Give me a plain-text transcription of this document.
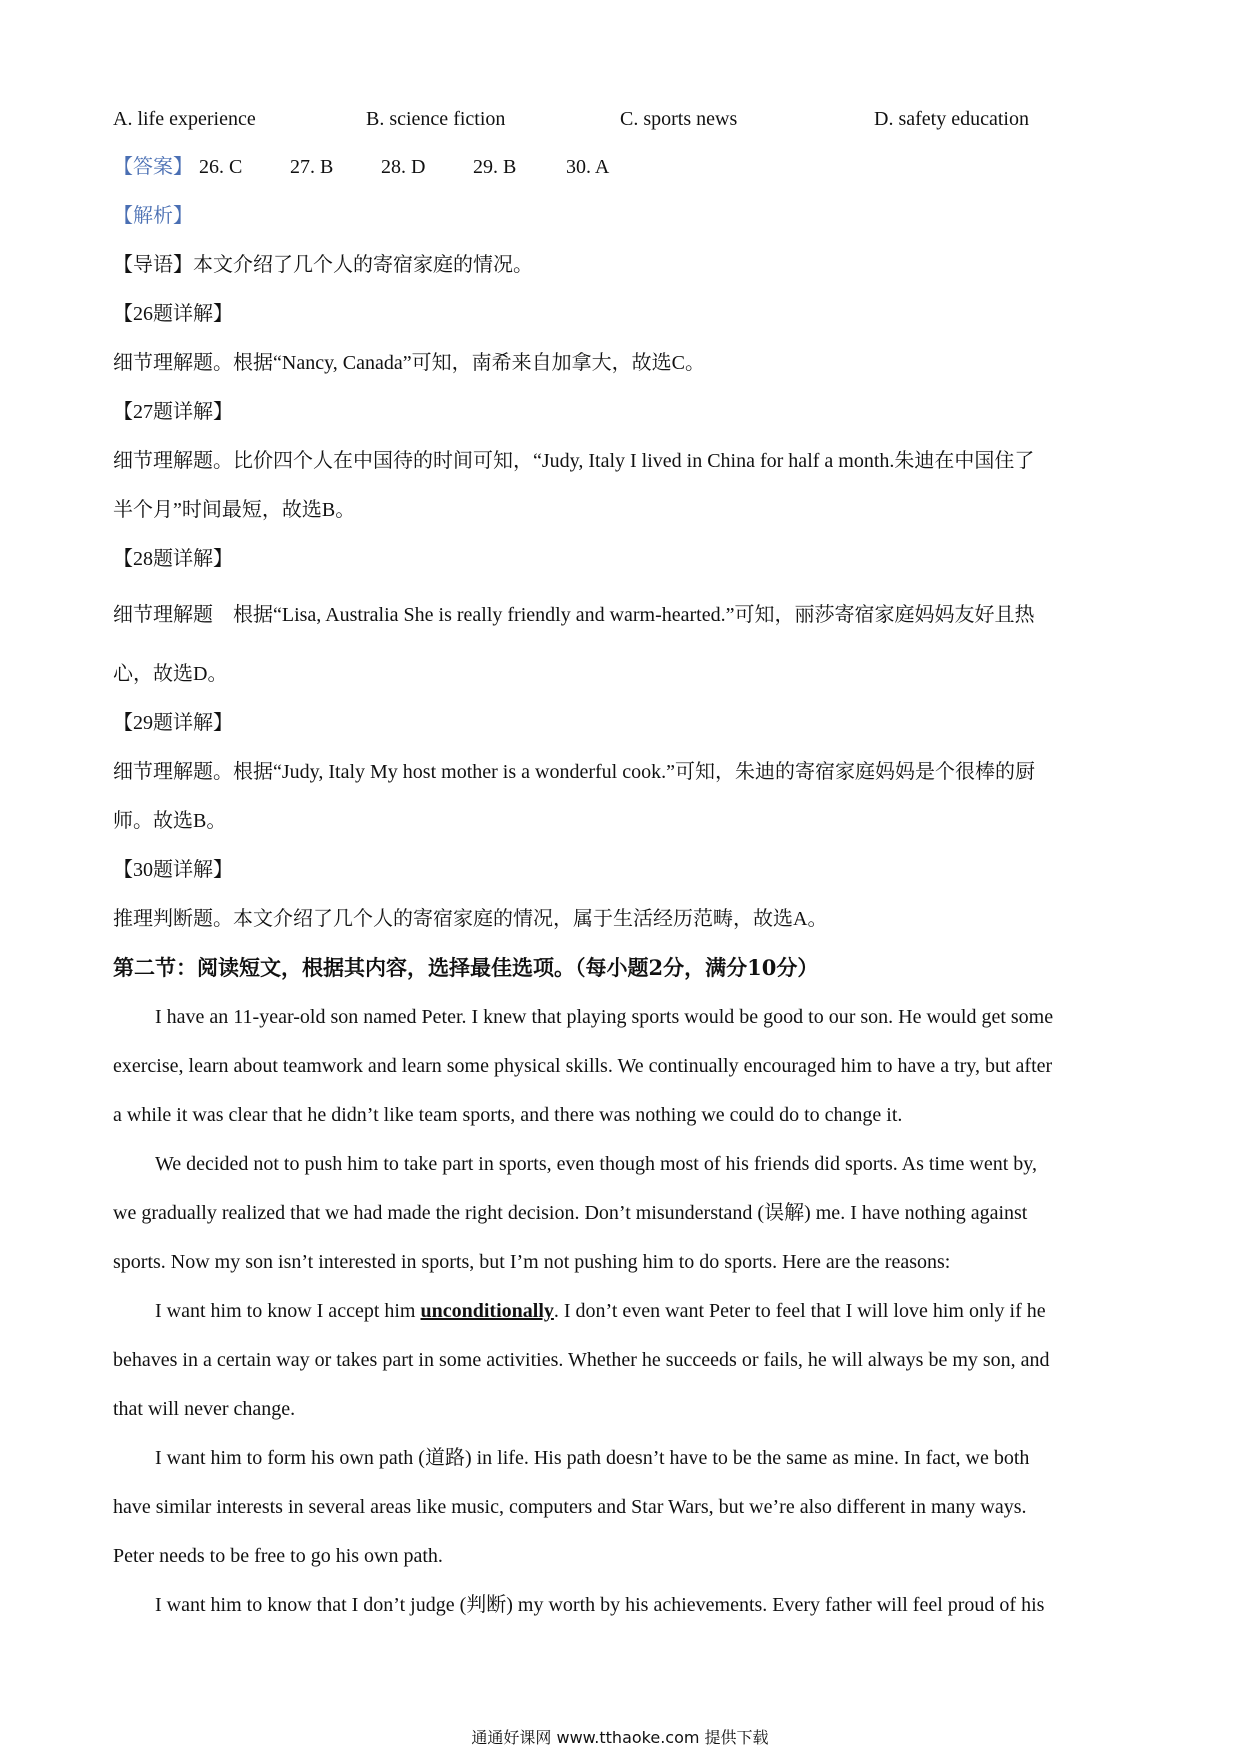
A. life experience	B. science fiction	C. sports news	D. safety education
【答案】 26. C 27. B 28. D 29. B 30. A
【解析】
【导语】本文介绍了几个人的寄宿家庭的情况。
【26题详解】
细节理解题。根据“Nancy, Canada”可知，南希来自加拿大，故选C。
【27题详解】
细节理解题。比价四个人在中国待的时间可知，“Judy, Italy I lived in China for half a month.朱迪在中国住了
半个月”时间最短，故选B。
【28题详解】
细节理解题　根据“Lisa, Australia She is really friendly and warm-hearted.”可知，丽莎寄宿家庭妈妈友好且热
心，故选D。
【29题详解】
细节理解题。根据“Judy, Italy My host mother is a wonderful cook.”可知，朱迪的寄宿家庭妈妈是个很棒的厨
师。故选B。
【30题详解】
推理判断题。本文介绍了几个人的寄宿家庭的情况，属于生活经历范畴，故选A。
第二节：阅读短文，根据其内容，选择最佳选项。（每小题2分，满分10分）
I have an 11-year-old son named Peter. I knew that playing sports would be good to our son. He would get some
exercise, learn about teamwork and learn some physical skills. We continually encouraged him to have a try, but after
a while it was clear that he didn’t like team sports, and there was nothing we could do to change it.
We decided not to push him to take part in sports, even though most of his friends did sports. As time went by,
we gradually realized that we had made the right decision. Don’t misunderstand (误解) me. I have nothing against
sports. Now my son isn’t interested in sports, but I’m not pushing him to do sports. Here are the reasons:
I want him to know I accept him unconditionally. I don’t even want Peter to feel that I will love him only if he
behaves in a certain way or takes part in some activities. Whether he succeeds or fails, he will always be my son, and
that will never change.
I want him to form his own path (道路) in life. His path doesn’t have to be the same as mine. In fact, we both
have similar interests in several areas like music, computers and Star Wars, but we’re also different in many ways.
Peter needs to be free to go his own path.
I want him to know that I don’t judge (判断) my worth by his achievements. Every father will feel proud of his
通通好课网 www.tthaoke.com 提供下载
